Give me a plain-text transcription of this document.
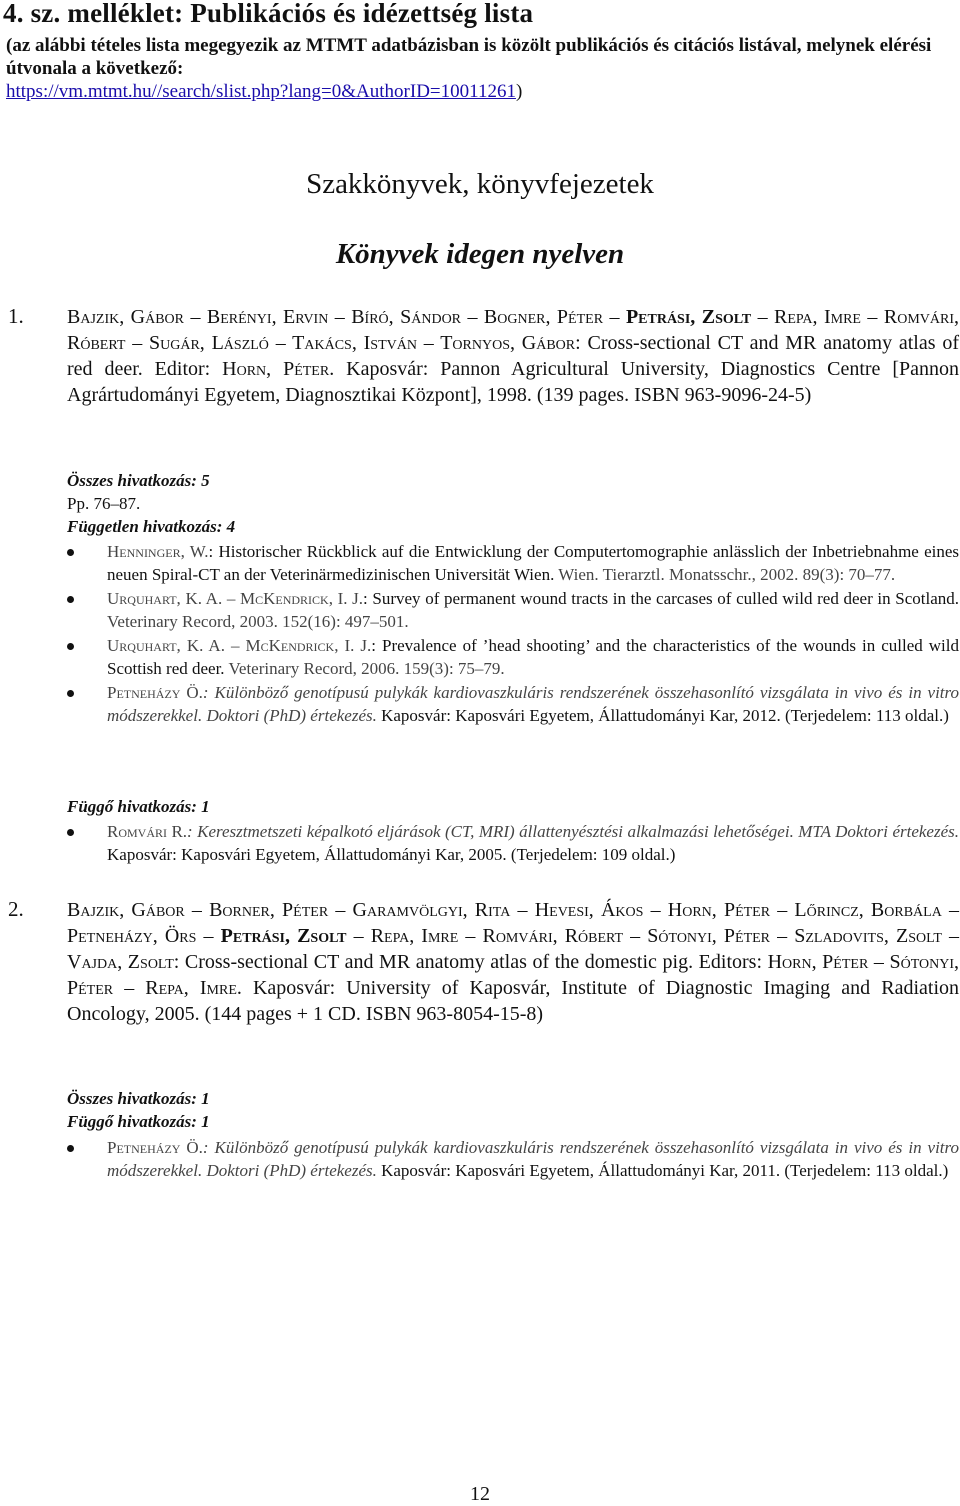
4. sz. melléklet: Publikációs és idézettség lista
(az alábbi tételes lista megegyezik az MTMT adatbázisban is közölt publikációs és citációs listával, melynek elérési útvonala a következő:
https://vm.mtmt.hu//search/slist.php?lang=0&AuthorID=10011261)
Szakkönyvek, könyvfejezetek
Könyvek idegen nyelven
1. Bajzik, Gábor – Berényi, Ervin – Bíró, Sándor – Bogner, Péter – Petrási, Zsolt – Repa, Imre – Romvári, Róbert – Sugár, László – Takács, István – Tornyos, Gábor: Cross-sectional CT and MR anatomy atlas of red deer. Editor: Horn, Péter. Kaposvár: Pannon Agricultural University, Diagnostics Centre [Pannon Agrártudományi Egyetem, Diagnosztikai Központ], 1998. (139 pages. ISBN 963-9096-24-5)
Összes hivatkozás: 5
Pp. 76–87.
Független hivatkozás: 4
Henninger, W.: Historischer Rückblick auf die Entwicklung der Computertomographie anlässlich der Inbetriebnahme eines neuen Spiral-CT an der Veterinärmedizinischen Universität Wien. Wien. Tierarztl. Monatsschr., 2002. 89(3): 70–77.
Urquhart, K. A. – McKendrick, I. J.: Survey of permanent wound tracts in the carcases of culled wild red deer in Scotland. Veterinary Record, 2003. 152(16): 497–501.
Urquhart, K. A. – McKendrick, I. J.: Prevalence of ’head shooting’ and the characteristics of the wounds in culled wild Scottish red deer. Veterinary Record, 2006. 159(3): 75–79.
Petneházy Ö.: Különböző genotípusú pulykák kardiovaszkuláris rendszerének összehasonlító vizsgálata in vivo és in vitro módszerekkel. Doktori (PhD) értekezés. Kaposvár: Kaposvári Egyetem, Állattudományi Kar, 2012. (Terjedelem: 113 oldal.)
Függő hivatkozás: 1
Romvári R.: Keresztmetszeti képalkotó eljárások (CT, MRI) állattenyésztési alkalmazási lehetőségei. MTA Doktori értekezés. Kaposvár: Kaposvári Egyetem, Állattudományi Kar, 2005. (Terjedelem: 109 oldal.)
2. Bajzik, Gábor – Borner, Péter – Garamvölgyi, Rita – Hevesi, Ákos – Horn, Péter – Lőrincz, Borbála – Petneházy, Örs – Petrási, Zsolt – Repa, Imre – Romvári, Róbert – Sótonyi, Péter – Szladovits, Zsolt – Vajda, Zsolt: Cross-sectional CT and MR anatomy atlas of the domestic pig. Editors: Horn, Péter – Sótonyi, Péter – Repa, Imre. Kaposvár: University of Kaposvár, Institute of Diagnostic Imaging and Radiation Oncology, 2005. (144 pages + 1 CD. ISBN 963-8054-15-8)
Összes hivatkozás: 1
Függő hivatkozás: 1
Petneházy Ö.: Különböző genotípusú pulykák kardiovaszkuláris rendszerének összehasonlító vizsgálata in vivo és in vitro módszerekkel. Doktori (PhD) értekezés. Kaposvár: Kaposvári Egyetem, Állattudományi Kar, 2011. (Terjedelem: 113 oldal.)
12
